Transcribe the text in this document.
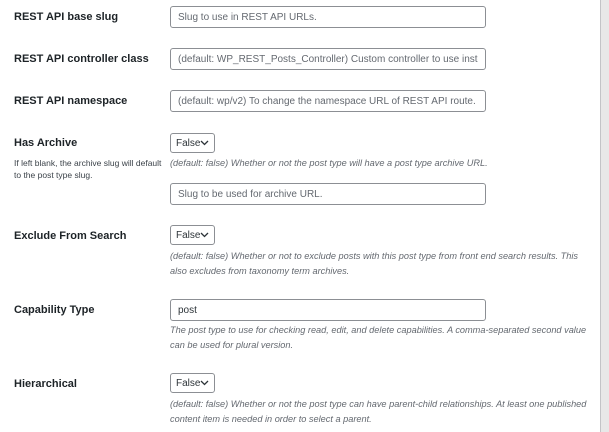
REST API base slug
Slug to use in REST API URLs.
REST API controller class
(default: WP_REST_Posts_Controller) Custom controller to use instead of WP_REST_Posts_Controller.
REST API namespace
(default: wp/v2) To change the namespace URL of REST API route.
Has Archive
If left blank, the archive slug will default to the post type slug.
False
(default: false) Whether or not the post type will have a post type archive URL.
Slug to be used for archive URL.
Exclude From Search	False
(default: false) Whether or not to exclude posts with this post type from front end search results. This also excludes from taxonomy term archives.
Capability Type
post
The post type to use for checking read, edit, and delete capabilities. A comma-separated second value can be used for plural version.
Hierarchical	False
(default: false) Whether or not the post type can have parent-child relationships. At least one published content item is needed in order to select a parent.
